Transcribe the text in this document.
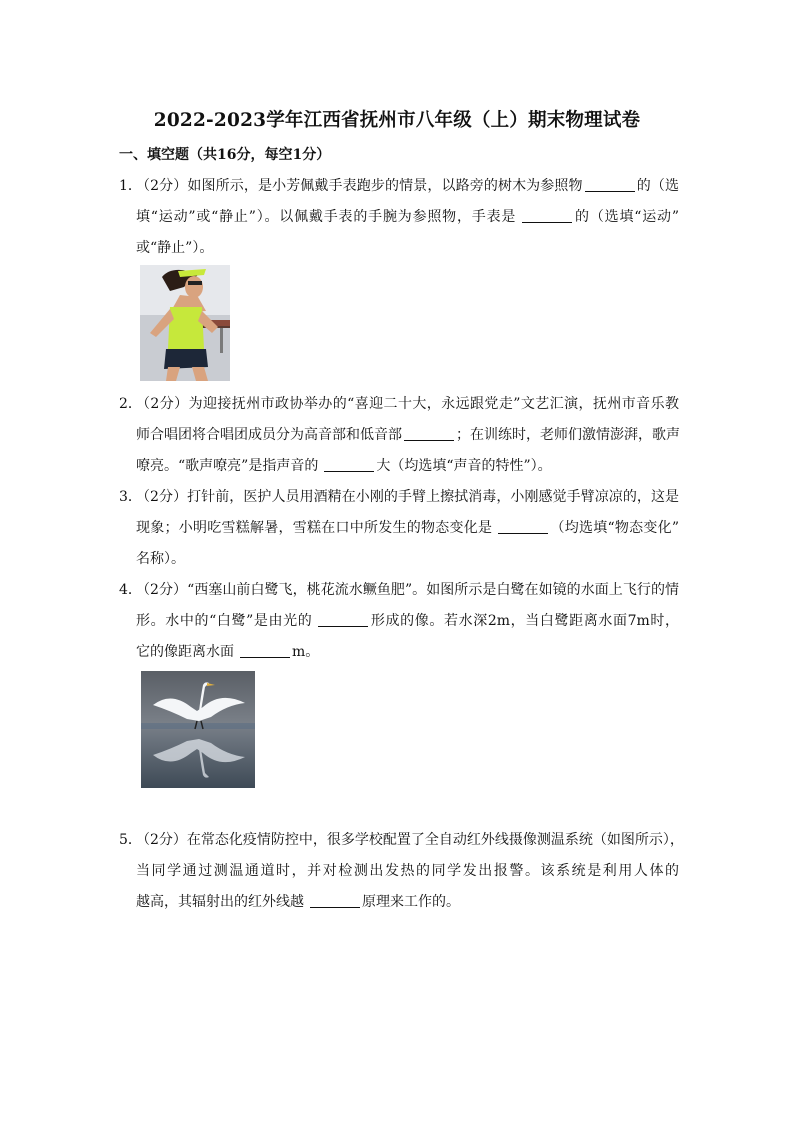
2022-2023学年江西省抚州市八年级（上）期末物理试卷
一、填空题（共16分，每空1分）
1．
（2分）如图所示，是小芳佩戴手表跑步的情景，以路旁的树木为参照物	的（选
填“运动”或“静止”）。以佩戴手表的手腕为参照物，手表是	的（选填“运动”
或“静止”）。
2．
（2分）为迎接抚州市政协举办的“喜迎二十大，永远跟党走”文艺汇演，抚州市音乐教
师合唱团将合唱团成员分为高音部和低音部	；在训练时，老师们激情澎湃，歌声
嘹亮。“歌声嘹亮”是指声音的	大（均选填“声音的特性”）。
3．
（2分）打针前，医护人员用酒精在小刚的手臂上擦拭消毒，小刚感觉手臂凉凉的，这是
现象；小明吃雪糕解暑，雪糕在口中所发生的物态变化是	（均选填“物态变化”
名称）。
4．
（2分）“西塞山前白鹭飞，桃花流水鳜鱼肥”。如图所示是白鹭在如镜的水面上飞行的情
形。水中的“白鹭”是由光的	形成的像。若水深2m，当白鹭距离水面7m时，
它的像距离水面	m。
5．
（2分）在常态化疫情防控中，很多学校配置了全自动红外线摄像测温系统（如图所示），
当同学通过测温通道时，并对检测出发热的同学发出报警。该系统是利用人体的
越高，其辐射出的红外线越	原理来工作的。
